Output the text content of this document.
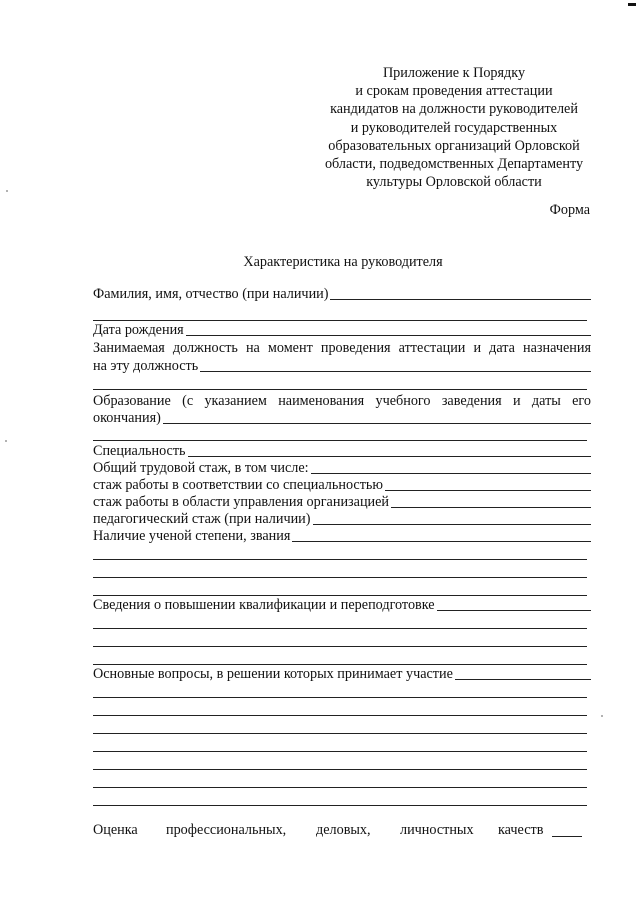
Приложение к Порядку
и срокам проведения аттестации
кандидатов на должности руководителей
и руководителей государственных
образовательных организаций Орловской
области, подведомственных Департаменту
культуры Орловской области
Форма
Характеристика на руководителя
Фамилия, имя, отчество (при наличии)
Дата рождения
Занимаемая должность на момент проведения аттестации и дата назначения
на эту должность
Образование (с указанием наименования учебного заведения и даты его
окончания)
Специальность
Общий трудовой стаж, в том числе:
стаж работы в соответствии со специальностью
стаж работы в области управления организацией
педагогический стаж (при наличии)
Наличие ученой степени, звания
Сведения о повышении квалификации и переподготовке
Основные вопросы, в решении которых принимает участие
Оценка профессиональных, деловых, личностных качеств
